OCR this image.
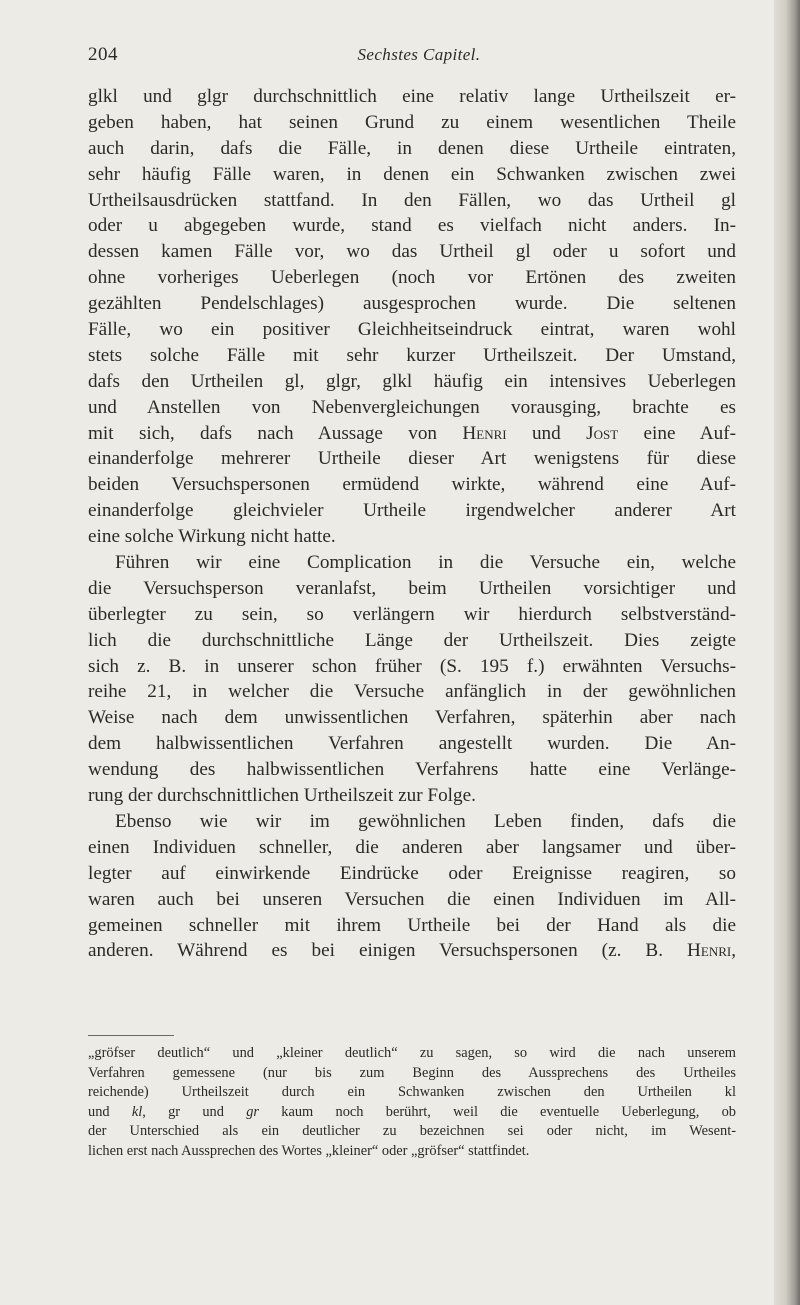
204	Sechstes Capitel.
glkl und glgr durchschnittlich eine relativ lange Urtheilszeit er-
geben haben, hat seinen Grund zu einem wesentlichen Theile
auch darin, dafs die Fälle, in denen diese Urtheile eintraten,
sehr häufig Fälle waren, in denen ein Schwanken zwischen zwei
Urtheilsausdrücken stattfand. In den Fällen, wo das Urtheil gl
oder u abgegeben wurde, stand es vielfach nicht anders. In-
dessen kamen Fälle vor, wo das Urtheil gl oder u sofort und
ohne vorheriges Ueberlegen (noch vor Ertönen des zweiten
gezählten Pendelschlages) ausgesprochen wurde. Die seltenen
Fälle, wo ein positiver Gleichheitseindruck eintrat, waren wohl
stets solche Fälle mit sehr kurzer Urtheilszeit. Der Umstand,
dafs den Urtheilen gl, glgr, glkl häufig ein intensives Ueberlegen
und Anstellen von Nebenvergleichungen vorausging, brachte es
mit sich, dafs nach Aussage von Henri und Jost eine Auf-
einanderfolge mehrerer Urtheile dieser Art wenigstens für diese
beiden Versuchspersonen ermüdend wirkte, während eine Auf-
einanderfolge gleichvieler Urtheile irgendwelcher anderer Art
eine solche Wirkung nicht hatte.
Führen wir eine Complication in die Versuche ein, welche
die Versuchsperson veranlafst, beim Urtheilen vorsichtiger und
überlegter zu sein, so verlängern wir hierdurch selbstverständ-
lich die durchschnittliche Länge der Urtheilszeit. Dies zeigte
sich z. B. in unserer schon früher (S. 195 f.) erwähnten Versuchs-
reihe 21, in welcher die Versuche anfänglich in der gewöhnlichen
Weise nach dem unwissentlichen Verfahren, späterhin aber nach
dem halbwissentlichen Verfahren angestellt wurden. Die An-
wendung des halbwissentlichen Verfahrens hatte eine Verlänge-
rung der durchschnittlichen Urtheilszeit zur Folge.
Ebenso wie wir im gewöhnlichen Leben finden, dafs die
einen Individuen schneller, die anderen aber langsamer und über-
legter auf einwirkende Eindrücke oder Ereignisse reagiren, so
waren auch bei unseren Versuchen die einen Individuen im All-
gemeinen schneller mit ihrem Urtheile bei der Hand als die
anderen. Während es bei einigen Versuchspersonen (z. B. Henri,
„gröfser deutlich“ und „kleiner deutlich“ zu sagen, so wird die nach unserem
Verfahren gemessene (nur bis zum Beginn des Aussprechens des Urtheiles
reichende) Urtheilszeit durch ein Schwanken zwischen den Urtheilen kl
und kl, gr und gr kaum noch berührt, weil die eventuelle Ueberlegung, ob
der Unterschied als ein deutlicher zu bezeichnen sei oder nicht, im Wesent-
lichen erst nach Aussprechen des Wortes „kleiner“ oder „gröfser“ stattfindet.
